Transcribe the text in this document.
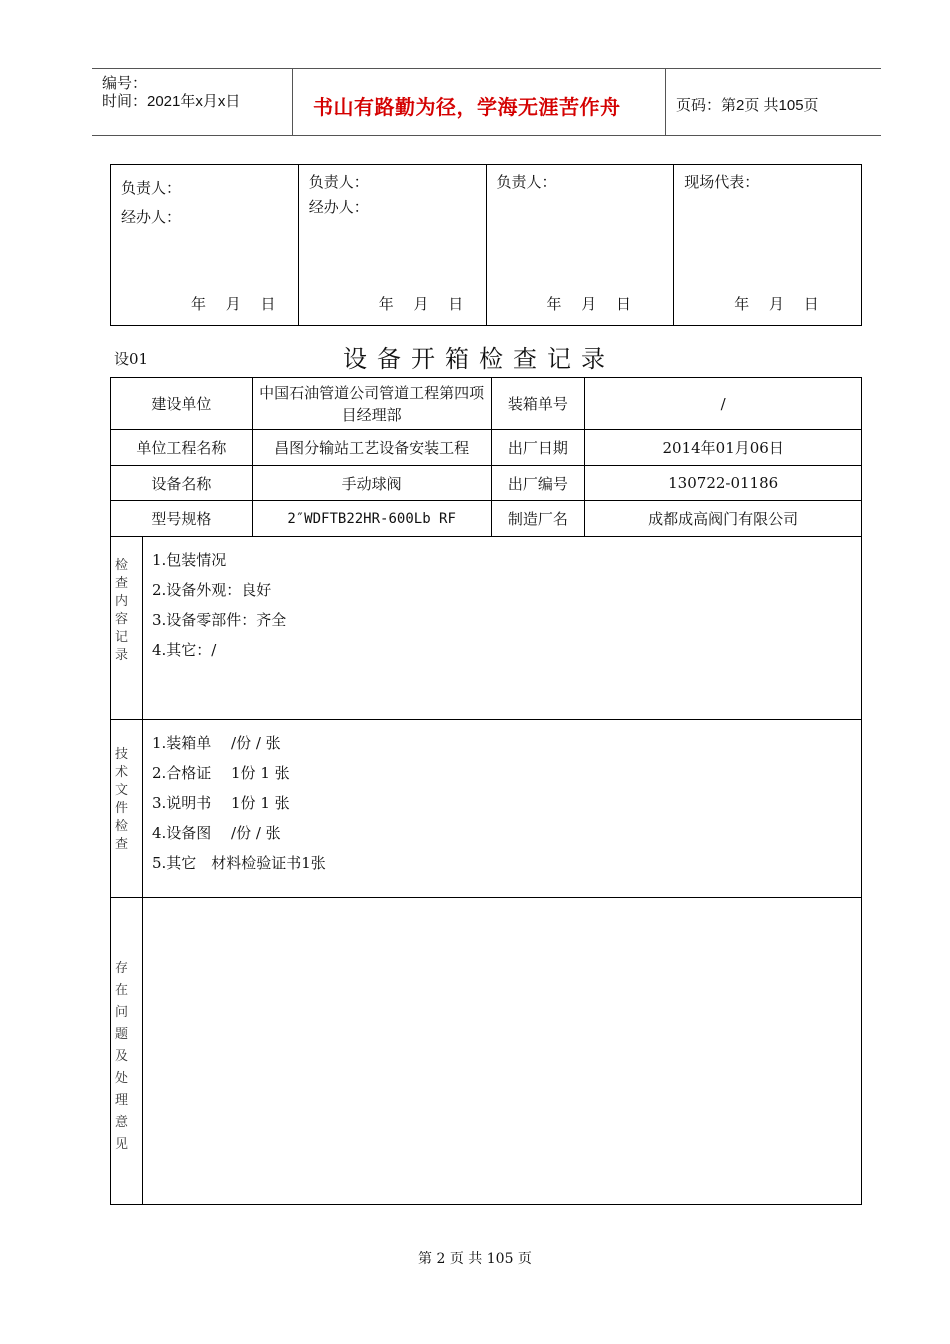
编号：
时间：2021年x月x日	书山有路勤为径，学海无涯苦作舟	页码：第2页 共105页
负责人：
经办人：
年　 月　 日

负责人：
经办人：
年　 月　 日

负责人：
年　 月　 日

现场代表：
年　 月　 日
设01	设备开箱检查记录
建设单位		中国石油管道公司管道工程第四项目经理部	装箱单号	/
单位工程名称		昌图分输站工艺设备安装工程	出厂日期	2014年01月06日
设备名称		手动球阀	出厂编号	130722-01186
型号规格		2″WDFTB22HR-600Lb RF	制造厂名	成都成高阀门有限公司

检查内容记录	1.包装情况
2.设备外观：良好
3.设备零部件：齐全
4.其它：/			

技术文件检查	1.装箱单　 /份 / 张
2.合格证　 1份 1 张
3.说明书　 1份 1 张
4.设备图　 /份 / 张
5.其它　材料检验证书1张			

存在问题及处理意见				

第 2 页 共 105 页
